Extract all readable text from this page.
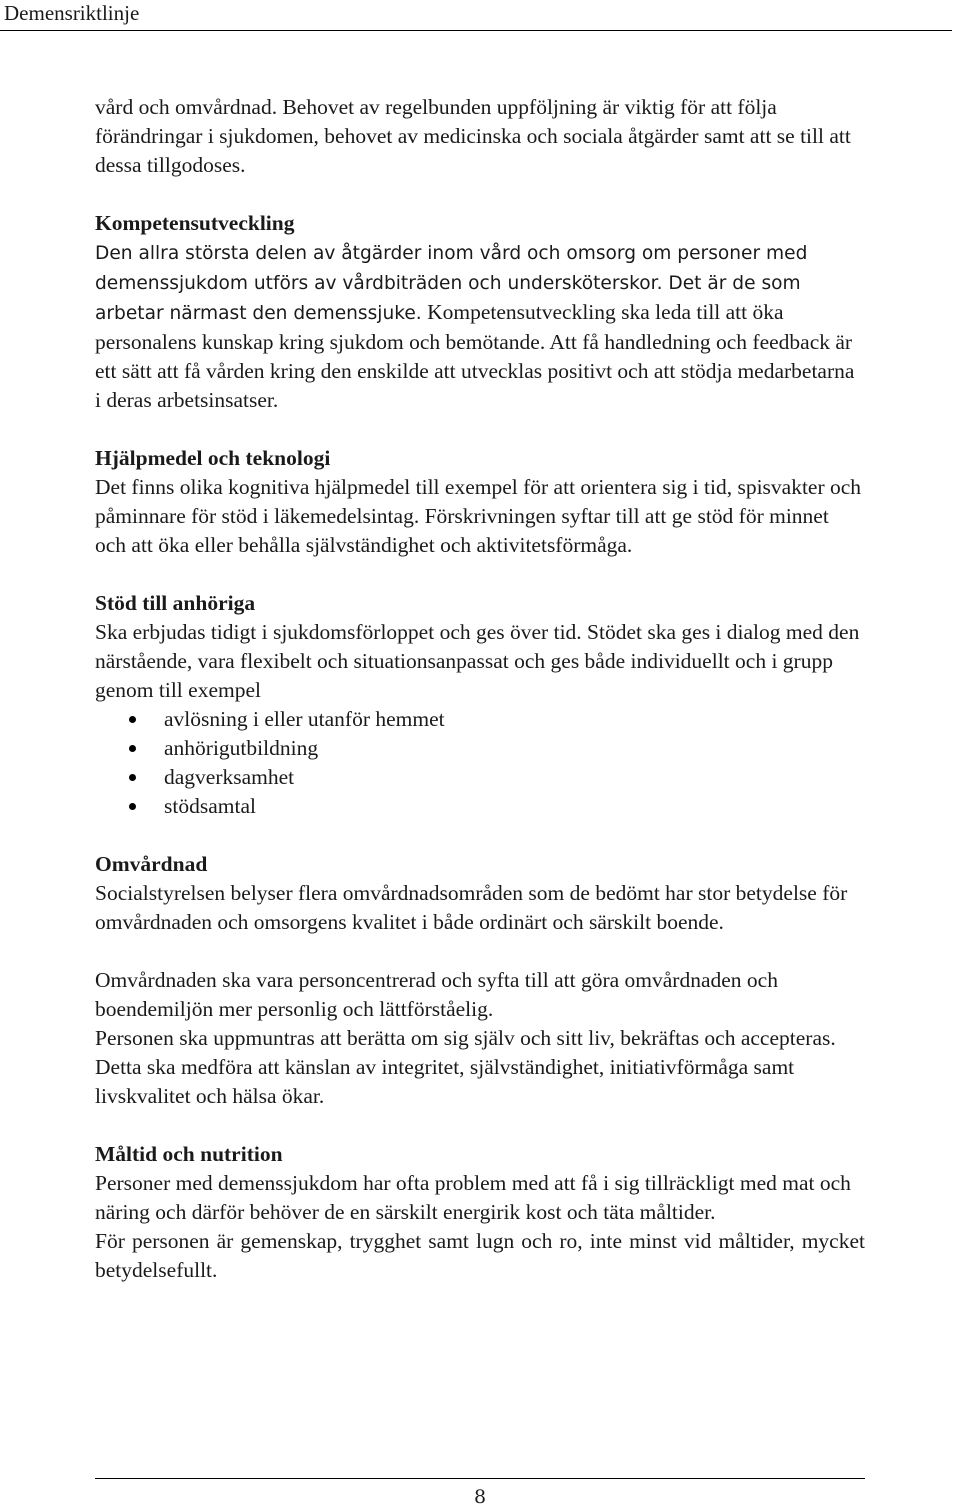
Demensriktlinje

vård och omvårdnad. Behovet av regelbunden uppföljning är viktig för att följa förändringar i sjukdomen, behovet av medicinska och sociala åtgärder samt att se till att dessa tillgodoses.

Kompetensutveckling

Den allra största delen av åtgärder inom vård och omsorg om personer med demenssjukdom utförs av vårdbiträden och undersköterskor. Det är de som arbetar närmast den demenssjuke. Kompetensutveckling ska leda till att öka personalens kunskap kring sjukdom och bemötande. Att få handledning och feedback är ett sätt att få vården kring den enskilde att utvecklas positivt och att stödja medarbetarna i deras arbetsinsatser.

Hjälpmedel och teknologi

Det finns olika kognitiva hjälpmedel till exempel för att orientera sig i tid, spisvakter och påminnare för stöd i läkemedelsintag. Förskrivningen syftar till att ge stöd för minnet och att öka eller behålla självständighet och aktivitetsförmåga.

Stöd till anhöriga

Ska erbjudas tidigt i sjukdomsförloppet och ges över tid. Stödet ska ges i dialog med den närstående, vara flexibelt och situationsanpassat och ges både individuellt och i grupp genom till exempel

avlösning i eller utanför hemmet
anhörigutbildning
dagverksamhet
stödsamtal

Omvårdnad

Socialstyrelsen belyser flera omvårdnadsområden som de bedömt har stor betydelse för omvårdnaden och omsorgens kvalitet i både ordinärt och särskilt boende.

Omvårdnaden ska vara personcentrerad och syfta till att göra omvårdnaden och boendemiljön mer personlig och lättförståelig.

Personen ska uppmuntras att berätta om sig själv och sitt liv, bekräftas och accepteras. Detta ska medföra att känslan av integritet, självständighet, initiativförmåga samt livskvalitet och hälsa ökar.

Måltid och nutrition

Personer med demenssjukdom har ofta problem med att få i sig tillräckligt med mat och näring och därför behöver de en särskilt energirik kost och täta måltider.

För personen är gemenskap, trygghet samt lugn och ro, inte minst vid måltider, mycket betydelsefullt.

8
